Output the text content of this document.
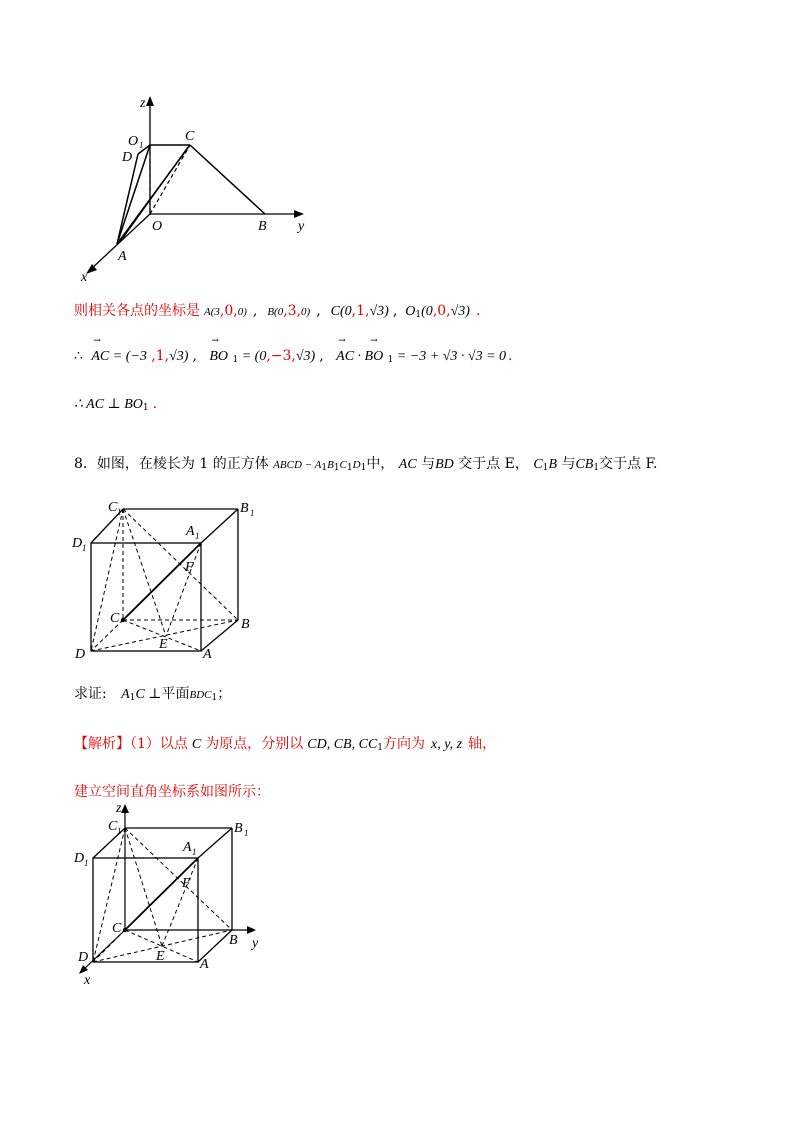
z
O 1
C
D
O	B y
A
x
则相关各点的坐标是 A(3,0,0) , B(0,3,0) , C(0,1,√3) , $O_1(0,0,√3)$ .
∴
→
AC = (−3 ,1,√3) ,
→
BO $_1$ = (0,−3,√3) ,
→	→
AC · BO $_1$ = −3 + √3 · √3 = 0 .
∴ AC ⊥ $BO_1$ .
8．如图，在棱长为 1 的正方体 ABCD − $A_1B_1C_1D_1$中， AC 与BD 交于点 E， $C_1B$ 与$CB_1$交于点 F.
C 1	B 1
A 1
D 1
F
C	B
E
D	A
求证: $A_1C$ ⊥平面$BDC_1$；
【解析】（1）以点 C 为原点，分别以 CD, CB, $CC_1$方向为 x, y, z 轴，
建立空间直角坐标系如图所示：
z
C 1	B 1
A 1
D 1
F
C
B y
E
D	A
x
